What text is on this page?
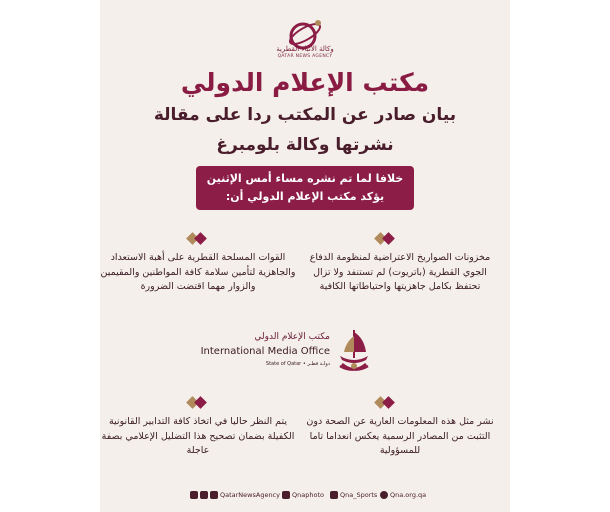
وكالة الأنباء القطرية
QATAR NEWS AGENCY
مكتب الإعلام الدولي
بيان صادر عن المكتب ردا على مقالة
نشرتها وكالة بلومبرغ
خلافا لما تم نشره مساء أمس الإثنين
يؤكد مكتب الإعلام الدولي أن:
مخزونات الصواريخ الاعتراضية لمنظومة الدفاع الجوي القطرية (باتريوت) لم تستنفد ولا تزال تحتفظ بكامل جاهزيتها واحتياطاتها الكافية
القوات المسلحة القطرية على أهبة الاستعداد والجاهزية لتأمين سلامة كافة المواطنين والمقيمين والزوار مهما اقتضت الضرورة
مكتب الإعلام الدولي
International Media Office
State of Qatar • دولـة قطـر
نشر مثل هذه المعلومات العارية عن الصحة دون التثبت من المصادر الرسمية يعكس انعداما تاما للمسؤولية
يتم النظر حاليا في اتخاذ كافة التدابير القانونية الكفيلة بضمان تصحيح هذا التضليل الإعلامي بصفة عاجلة
QatarNewsAgency Qnaphoto Qna_Sports Qna.org.qa
